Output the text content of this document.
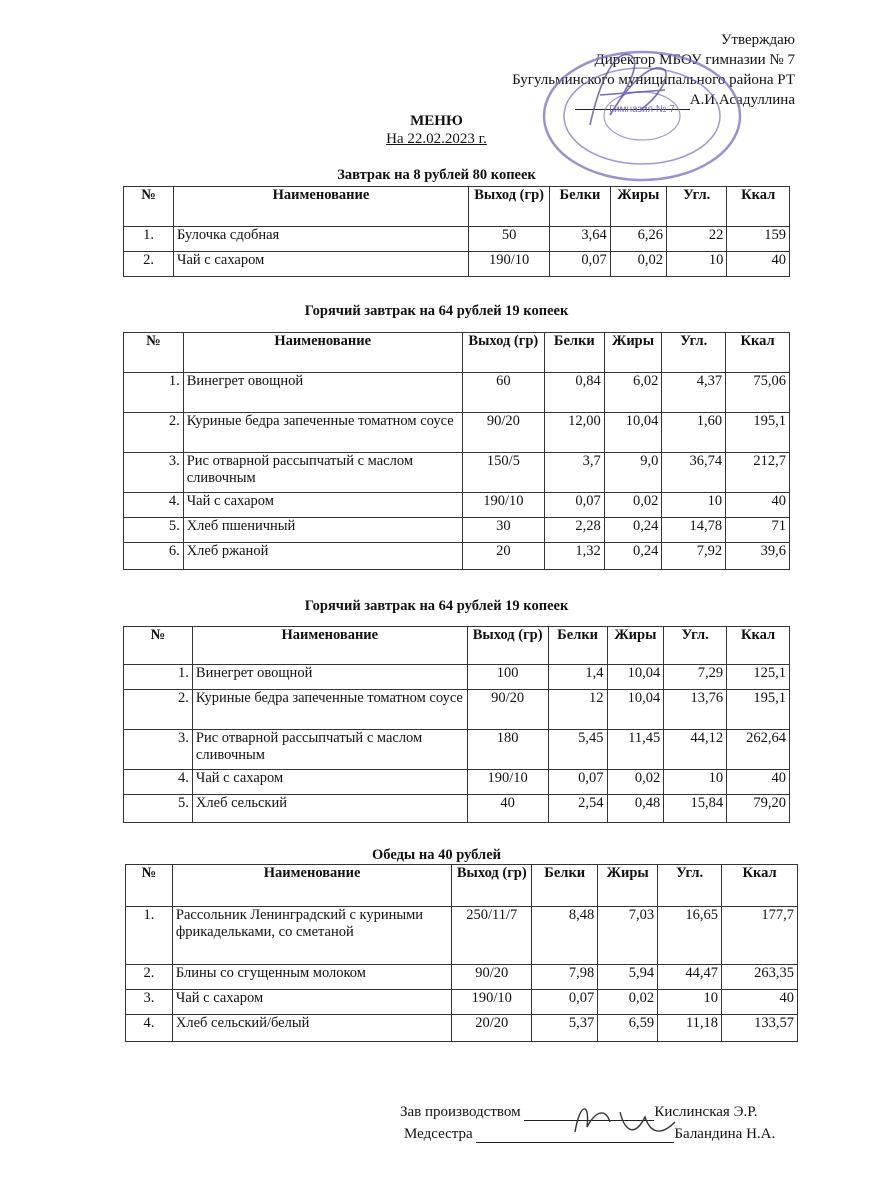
Утверждаю
Директор МБОУ гимназии № 7
Бугульминского муниципального района РТ
А.И.Асадуллина
Гимназия № 7
МЕНЮ
На 22.02.2023 г.
Завтрак на 8 рублей 80 копеек
№	Наименование	Выход (гр)	Белки	Жиры	Угл.	Ккал
1.	Булочка сдобная	50	3,64	6,26	22	159
2.	Чай с сахаром	190/10	0,07	0,02	10	40
Горячий завтрак на 64 рублей 19 копеек
№	Наименование	Выход (гр)	Белки	Жиры	Угл.	Ккал
1.	Винегрет овощной	60	0,84	6,02	4,37	75,06
2.	Куриные бедра запеченные томатном соусе	90/20	12,00	10,04	1,60	195,1
3.	Рис отварной рассыпчатый с маслом сливочным	150/5	3,7	9,0	36,74	212,7
4.	Чай с сахаром	190/10	0,07	0,02	10	40
5.	Хлеб пшеничный	30	2,28	0,24	14,78	71
6.	Хлеб ржаной	20	1,32	0,24	7,92	39,6
Горячий завтрак на 64 рублей 19 копеек
№	Наименование	Выход (гр)	Белки	Жиры	Угл.	Ккал
1.	Винегрет овощной	100	1,4	10,04	7,29	125,1
2.	Куриные бедра запеченные томатном соусе	90/20	12	10,04	13,76	195,1
3.	Рис отварной рассыпчатый с маслом сливочным	180	5,45	11,45	44,12	262,64
4.	Чай с сахаром	190/10	0,07	0,02	10	40
5.	Хлеб сельский	40	2,54	0,48	15,84	79,20
Обеды на 40 рублей
№	Наименование	Выход (гр)	Белки	Жиры	Угл.	Ккал
1.	Рассольник Ленинградский с куриными фрикадельками, со сметаной	250/11/7	8,48	7,03	16,65	177,7
2.	Блины со сгущенным молоком	90/20	7,98	5,94	44,47	263,35
3.	Чай с сахаром	190/10	0,07	0,02	10	40
4.	Хлеб сельский/белый	20/20	5,37	6,59	11,18	133,57
Зав производством	Кислинская Э.Р.
Медсестра	Баландина Н.А.
